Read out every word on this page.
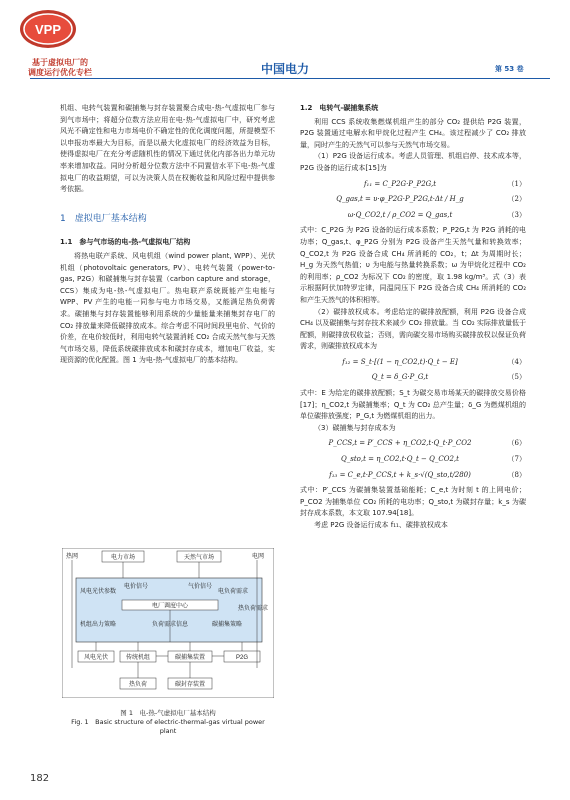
VPP
基于虚拟电厂的
调度运行优化专栏	中国电力	第 53 卷

机组、电转气装置和碳捕集与封存装置聚合成电-热-气虚拟电厂参与到气市场中；将超分位数方法应用在电-热-气虚拟电厂中，研究考虑风光不确定性和电力市场电价不确定性的优化调度问题，所提模型不以申报功率最大为目标，而是以最大化虚拟电厂的经济效益为目标，使得虚拟电厂在充分考虑随机性的情况下通过优化内部各出力单元功率来增加收益。同时分析超分位数方法中不同置信水平下电-热-气虚拟电厂的收益期望，可以为决策人员在权衡收益和风险过程中提供参考依据。

1　虚拟电厂基本结构
1.1　参与气市场的电-热-气虚拟电厂结构

将热电联产系统、风电机组（wind power plant, WPP）、光伏机组（photovoltaic generators, PV）、电转气装置（power-to-gas, P2G）和碳捕集与封存装置（carbon capture and storage，CCS）集成为电-热-气虚拟电厂。热电联产系统既能产生电能与 WPP、PV 产生的电能一同参与电力市场交易，又能满足热负荷需求。碳捕集与封存装置能够利用系统的少量能量来捕集封存电厂的 CO₂ 排放量来降低碳排放成本。综合考虑不同时间段里电价、气价的价差，在电价较低时，利用电转气装置消耗 CO₂ 合成天然气参与天然气市场交易，降低系统碳排放成本和碳封存成本，增加电厂收益，实现资源的优化配置。图 1 为电-热-气虚拟电厂的基本结构。

热网	电力市场	天然气市场	电网
风电光伏参数
电价信号	气价信号
电负荷需求
电厂调度中心
机组出力策略	负荷需求信息	碳捕集策略
热负荷需求
风电光伏	传统机组	碳捕集装置	P2G
热负荷	碳封存装置
图 1　电-热-气虚拟电厂基本结构
Fig. 1　Basic structure of electric-thermal-gas virtual power plant
1.2　电转气-碳捕集系统

利用 CCS 系统收集燃煤机组产生的部分 CO₂ 提供给 P2G 装置，P2G 装置通过电解水和甲烷化过程产生 CH₄。该过程减少了 CO₂ 排放量，同时产生的天然气可以参与天然气市场交易。

（1）P2G 设备运行成本。考虑人员管理、机组启停、技术成本等，P2G 设备的运行成本[15]为

f₁₁ = C_P2G·P_P2G,t	（1）
Q_gas,t = υ·φ_P2G·P_P2G,t·Δt / H_g	（2）
ω·Q_CO2,t / ρ_CO2 = Q_gas,t	（3）

式中：C_P2G 为 P2G 设备的运行成本系数；P_P2G,t 为 P2G 消耗的电功率；Q_gas,t、φ_P2G 分别为 P2G 设备产生天然气量和转换效率；Q_CO2,t 为 P2G 设备合成 CH₄ 所消耗的 CO₂，t；Δt 为周期时长；H_g 为天然气热值；υ 为电能与热量转换系数；ω 为甲烷化过程中 CO₂ 的利用率；ρ_CO2 为标况下 CO₂ 的密度，取 1.98 kg/m³。式（3）表示根据阿伏加特罗定律，同温同压下 P2G 设备合成 CH₄ 所消耗的 CO₂ 和产生天然气的体积相等。

（2）碳排放权成本。考虑给定的碳排放配额，利用 P2G 设备合成 CH₄ 以及碳捕集与封存技术来减少 CO₂ 排放量。当 CO₂ 实际排放量低于配额，则碳排放权收益；否则，需向碳交易市场购买碳排放权以保证负荷需求，则碳排放权成本为

f₁₂ = S_t·[(1 − η_CO2,t)·Q_t − E]	（4）
Q_t = δ_G·P_G,t	（5）

式中：E 为给定的碳排放配额；S_t 为碳交易市场某天的碳排放交易价格[17]；η_CO2,t 为碳捕集率；Q_t 为 CO₂ 总产生量；δ_G 为燃煤机组的单位碳排放强度；P_G,t 为燃煤机组的出力。

（3）碳捕集与封存成本为

P_CCS,t = P′_CCS + η_CO2,t·Q_t·P_CO2	（6）
Q_sto,t = η_CO2,t·Q_t − Q_CO2,t	（7）
f₁₃ = C_e,t·P_CCS,t + k_s·√(Q_sto,t/280)	（8）

式中：P′_CCS 为碳捕集装置基础能耗；C_e,t 为时刻 t 的上网电价；P_CO2 为捕集单位 CO₂ 所耗的电功率；Q_sto,t 为碳封存量；k_s 为碳封存成本系数，本文取 107.94[18]。

考虑 P2G 设备运行成本 f₁₁、碳排放权成本

182
